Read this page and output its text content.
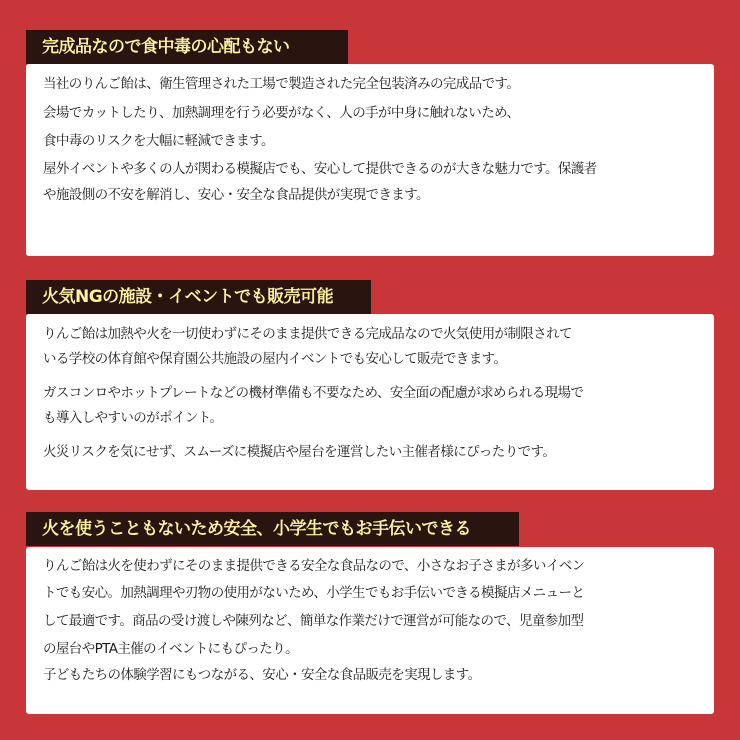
当社のりんご飴は、衛生管理された工場で製造された完全包装済みの完成品です。

会場でカットしたり、加熱調理を行う必要がなく、人の手が中身に触れないため、

食中毒のリスクを大幅に軽減できます。

屋外イベントや多くの人が関わる模擬店でも、安心して提供できるのが大きな魅力です。保護者

や施設側の不安を解消し、安心・安全な食品提供が実現できます。

完成品なので食中毒の心配もない

りんご飴は加熱や火を一切使わずにそのまま提供できる完成品なので火気使用が制限されて

いる学校の体育館や保育園公共施設の屋内イベントでも安心して販売できます。

ガスコンロやホットプレートなどの機材準備も不要なため、安全面の配慮が求められる現場で

も導入しやすいのがポイント。

火災リスクを気にせず、スムーズに模擬店や屋台を運営したい主催者様にぴったりです。

火気NGの施設・イベントでも販売可能

りんご飴は火を使わずにそのまま提供できる安全な食品なので、小さなお子さまが多いイベン

トでも安心。加熱調理や刃物の使用がないため、小学生でもお手伝いできる模擬店メニューと

して最適です。商品の受け渡しや陳列など、簡単な作業だけで運営が可能なので、児童参加型

の屋台やPTA主催のイベントにもぴったり。

子どもたちの体験学習にもつながる、安心・安全な食品販売を実現します。

火を使うこともないため安全、小学生でもお手伝いできる
